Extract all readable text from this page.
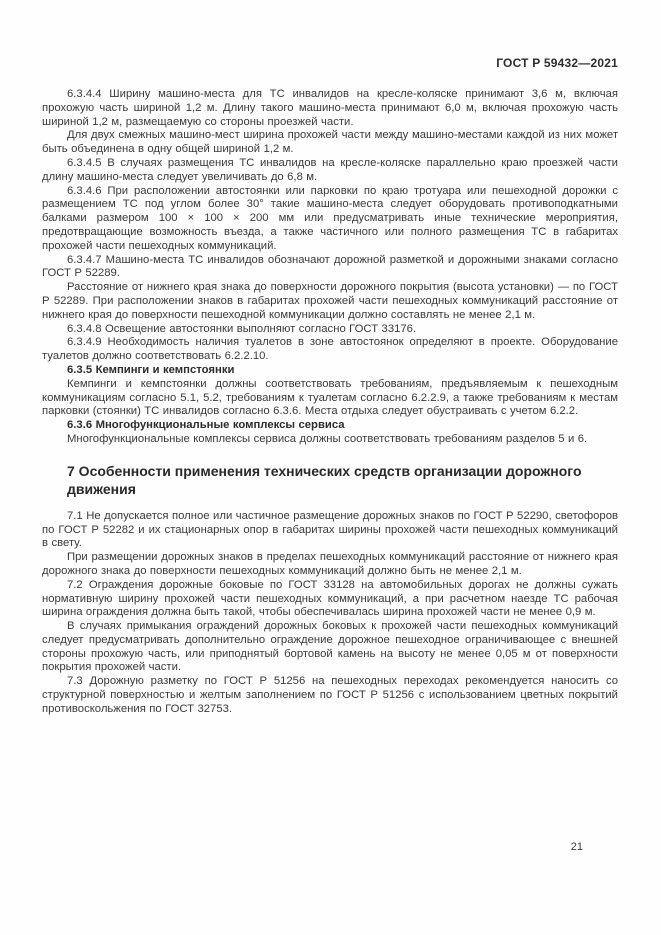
ГОСТ Р 59432—2021

6.3.4.4 Ширину машино-места для ТС инвалидов на кресле-коляске принимают 3,6 м, включая прохожую часть шириной 1,2 м. Длину такого машино-места принимают 6,0 м, включая прохожую часть шириной 1,2 м, размещаемую со стороны проезжей части.

Для двух смежных машино-мест ширина прохожей части между машино-местами каждой из них может быть объединена в одну общей шириной 1,2 м.

6.3.4.5 В случаях размещения ТС инвалидов на кресле-коляске параллельно краю проезжей части длину машино-места следует увеличивать до 6,8 м.

6.3.4.6 При расположении автостоянки или парковки по краю тротуара или пешеходной дорожки с размещением ТС под углом более 30° такие машино-места следует оборудовать противоподкатными балками размером 100 × 100 × 200 мм или предусматривать иные технические мероприятия, предотвращающие возможность въезда, а также частичного или полного размещения ТС в габаритах прохожей части пешеходных коммуникаций.

6.3.4.7 Машино-места ТС инвалидов обозначают дорожной разметкой и дорожными знаками согласно ГОСТ Р 52289.

Расстояние от нижнего края знака до поверхности дорожного покрытия (высота установки) — по ГОСТ Р 52289. При расположении знаков в габаритах прохожей части пешеходных коммуникаций расстояние от нижнего края до поверхности пешеходной коммуникации должно составлять не менее 2,1 м.

6.3.4.8 Освещение автостоянки выполняют согласно ГОСТ 33176.

6.3.4.9 Необходимость наличия туалетов в зоне автостоянок определяют в проекте. Оборудование туалетов должно соответствовать 6.2.2.10.

6.3.5 Кемпинги и кемпстоянки

Кемпинги и кемпстоянки должны соответствовать требованиям, предъявляемым к пешеходным коммуникациям согласно 5.1, 5.2, требованиям к туалетам согласно 6.2.2.9, а также требованиям к местам парковки (стоянки) ТС инвалидов согласно 6.3.6. Места отдыха следует обустраивать с учетом 6.2.2.

6.3.6 Многофункциональные комплексы сервиса

Многофункциональные комплексы сервиса должны соответствовать требованиям разделов 5 и 6.

7 Особенности применения технических средств организации дорожного движения

7.1 Не допускается полное или частичное размещение дорожных знаков по ГОСТ Р 52290, светофоров по ГОСТ Р 52282 и их стационарных опор в габаритах ширины прохожей части пешеходных коммуникаций в свету.

При размещении дорожных знаков в пределах пешеходных коммуникаций расстояние от нижнего края дорожного знака до поверхности пешеходных коммуникаций должно быть не менее 2,1 м.

7.2 Ограждения дорожные боковые по ГОСТ 33128 на автомобильных дорогах не должны сужать нормативную ширину прохожей части пешеходных коммуникаций, а при расчетном наезде ТС рабочая ширина ограждения должна быть такой, чтобы обеспечивалась ширина прохожей части не менее 0,9 м.

В случаях примыкания ограждений дорожных боковых к прохожей части пешеходных коммуникаций следует предусматривать дополнительно ограждение дорожное пешеходное ограничивающее с внешней стороны прохожую часть, или приподнятый бортовой камень на высоту не менее 0,05 м от поверхности покрытия прохожей части.

7.3 Дорожную разметку по ГОСТ Р 51256 на пешеходных переходах рекомендуется наносить со структурной поверхностью и желтым заполнением по ГОСТ Р 51256 с использованием цветных покрытий противоскольжения по ГОСТ 32753.

21
